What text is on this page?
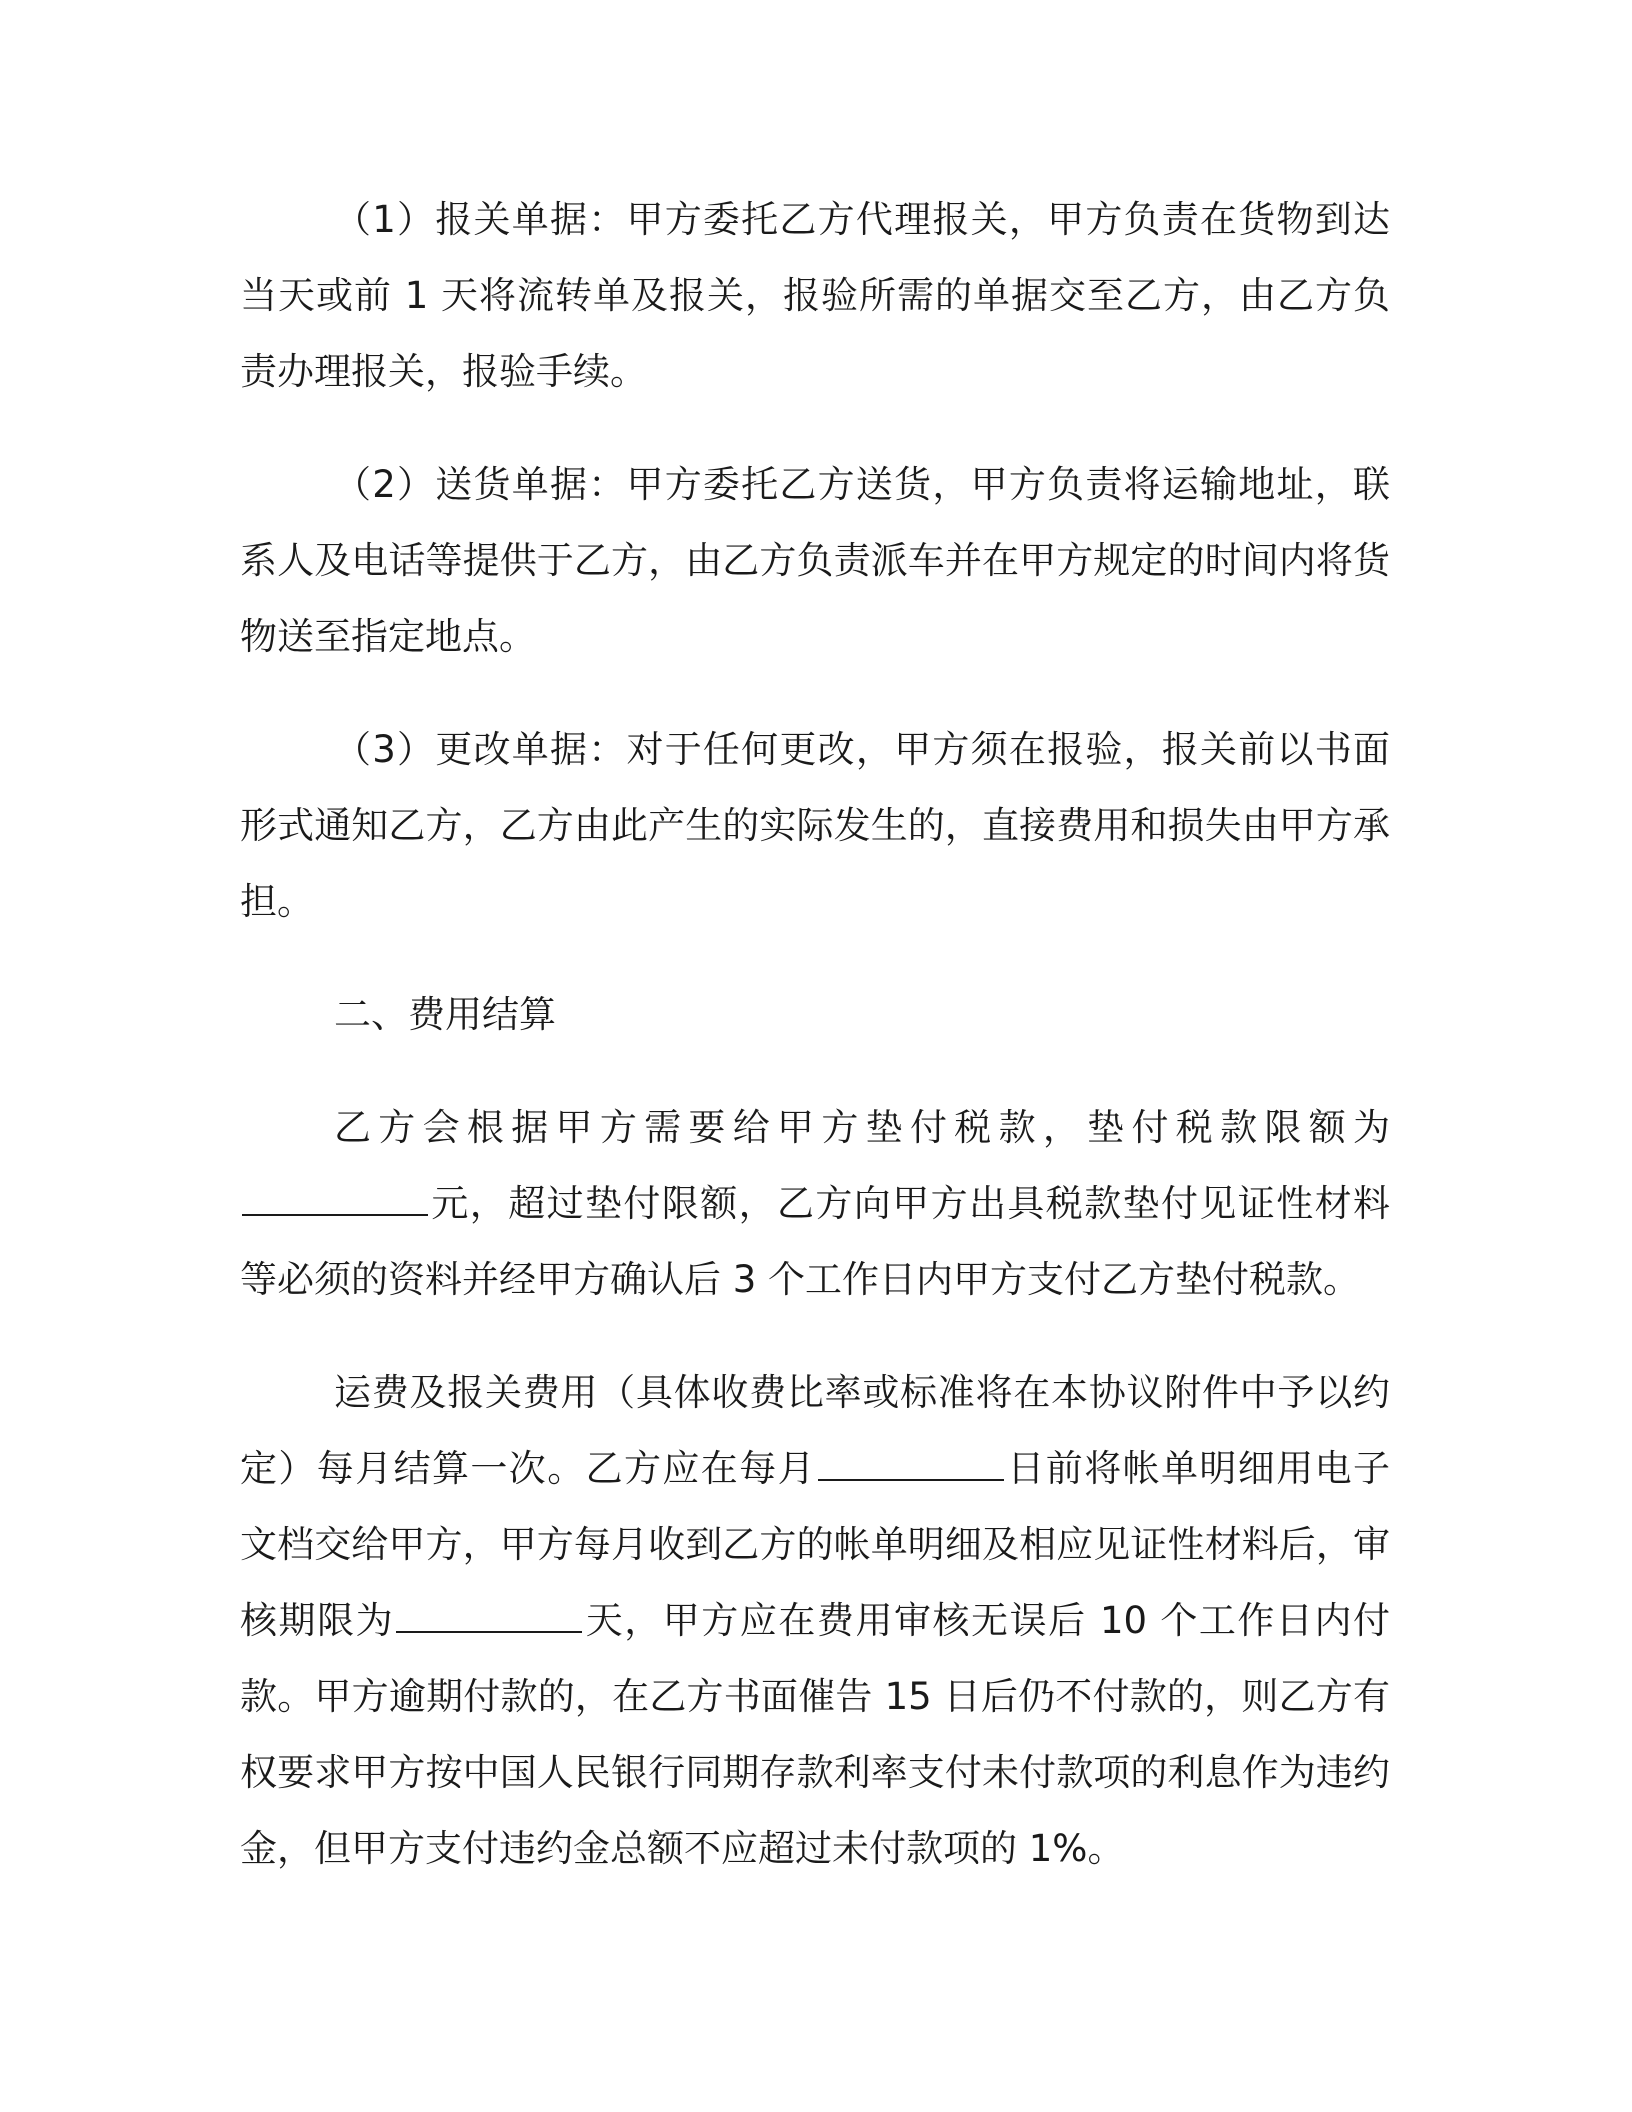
（1）报关单据：甲方委托乙方代理报关，甲方负责在货物到达当天或前 1 天将流转单及报关，报验所需的单据交至乙方，由乙方负责办理报关，报验手续。

（2）送货单据：甲方委托乙方送货，甲方负责将运输地址，联系人及电话等提供于乙方，由乙方负责派车并在甲方规定的时间内将货物送至指定地点。

（3）更改单据：对于任何更改，甲方须在报验，报关前以书面形式通知乙方，乙方由此产生的实际发生的，直接费用和损失由甲方承担。

二、费用结算

乙方会根据甲方需要给甲方垫付税款，垫付税款限额为元，超过垫付限额，乙方向甲方出具税款垫付见证性材料等必须的资料并经甲方确认后 3 个工作日内甲方支付乙方垫付税款。

运费及报关费用（具体收费比率或标准将在本协议附件中予以约定）每月结算一次。乙方应在每月	日前将帐单明细用电子文档交给甲方，甲方每月收到乙方的帐单明细及相应见证性材料后，审核期限为	天，甲方应在费用审核无误后 10 个工作日内付款。甲方逾期付款的，在乙方书面催告 15 日后仍不付款的，则乙方有权要求甲方按中国人民银行同期存款利率支付未付款项的利息作为违约金，但甲方支付违约金总额不应超过未付款项的 1%。
